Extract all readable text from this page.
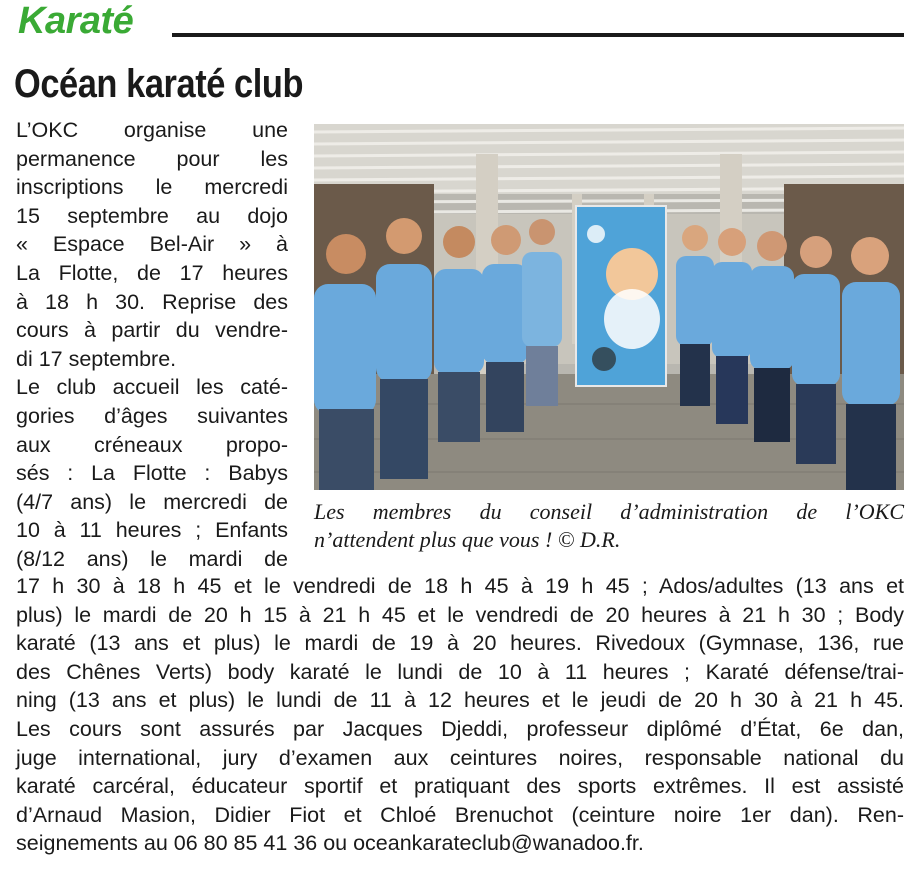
Karaté
Océan karaté club
L’OKC organise une
permanence pour les
inscriptions le mercredi
15 septembre au dojo
« Espace Bel-Air » à
La Flotte, de 17 heures
à 18 h 30. Reprise des
cours à partir du vendre-
di 17 septembre.
Le club accueil les caté-
gories d’âges suivantes
aux créneaux propo-
sés : La Flotte : Babys
(4/7 ans) le mercredi de
10 à 11 heures ; Enfants
(8/12 ans) le mardi de
Les membres du conseil d’administration de l’OKC
n’attendent plus que vous ! © D.R.
17 h 30 à 18 h 45 et le vendredi de 18 h 45 à 19 h 45 ; Ados/adultes (13 ans et
plus) le mardi de 20 h 15 à 21 h 45 et le vendredi de 20 heures à 21 h 30 ; Body
karaté (13 ans et plus) le mardi de 19 à 20 heures. Rivedoux (Gymnase, 136, rue
des Chênes Verts) body karaté le lundi de 10 à 11 heures ; Karaté défense/trai-
ning (13 ans et plus) le lundi de 11 à 12 heures et le jeudi de 20 h 30 à 21 h 45.
Les cours sont assurés par Jacques Djeddi, professeur diplômé d’État, 6e dan,
juge international, jury d’examen aux ceintures noires, responsable national du
karaté carcéral, éducateur sportif et pratiquant des sports extrêmes. Il est assisté
d’Arnaud Masion, Didier Fiot et Chloé Brenuchot (ceinture noire 1er dan). Ren-
seignements au 06 80 85 41 36 ou oceankarateclub@wanadoo.fr.
